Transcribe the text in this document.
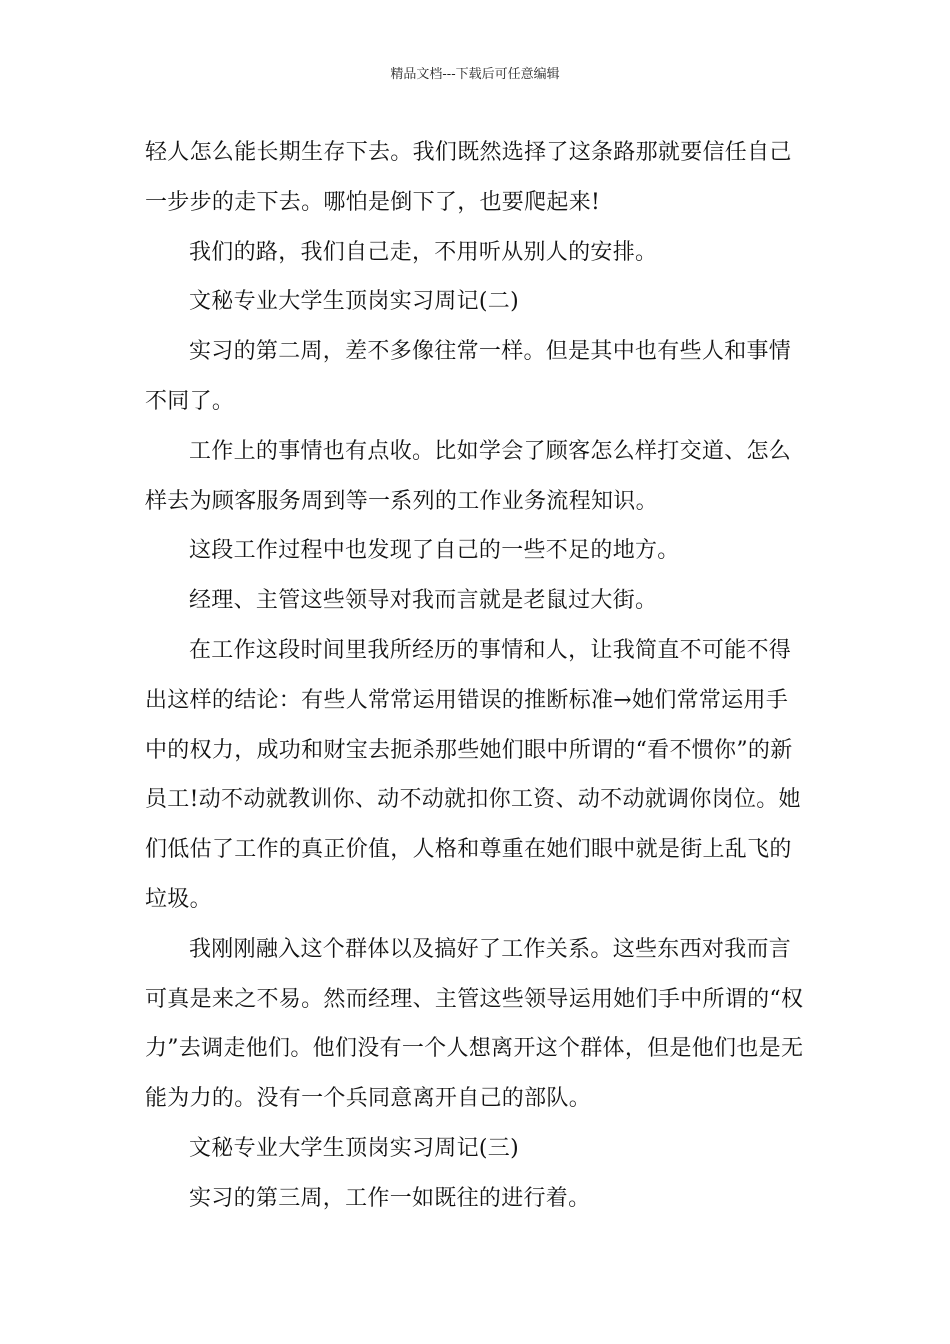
精品文档---下载后可任意编辑

轻人怎么能长期生存下去。我们既然选择了这条路那就要信任自己一步步的走下去。哪怕是倒下了，也要爬起来!

我们的路，我们自己走，不用听从别人的安排。

文秘专业大学生顶岗实习周记(二)

实习的第二周，差不多像往常一样。但是其中也有些人和事情不同了。

工作上的事情也有点收。比如学会了顾客怎么样打交道、怎么样去为顾客服务周到等一系列的工作业务流程知识。

这段工作过程中也发现了自己的一些不足的地方。

经理、主管这些领导对我而言就是老鼠过大街。

在工作这段时间里我所经历的事情和人，让我简直不可能不得出这样的结论：有些人常常运用错误的推断标准→她们常常运用手中的权力，成功和财宝去扼杀那些她们眼中所谓的“看不惯你”的新员工!动不动就教训你、动不动就扣你工资、动不动就调你岗位。她们低估了工作的真正价值，人格和尊重在她们眼中就是街上乱飞的垃圾。

我刚刚融入这个群体以及搞好了工作关系。这些东西对我而言可真是来之不易。然而经理、主管这些领导运用她们手中所谓的“权力”去调走他们。他们没有一个人想离开这个群体，但是他们也是无能为力的。没有一个兵同意离开自己的部队。

文秘专业大学生顶岗实习周记(三)

实习的第三周，工作一如既往的进行着。
